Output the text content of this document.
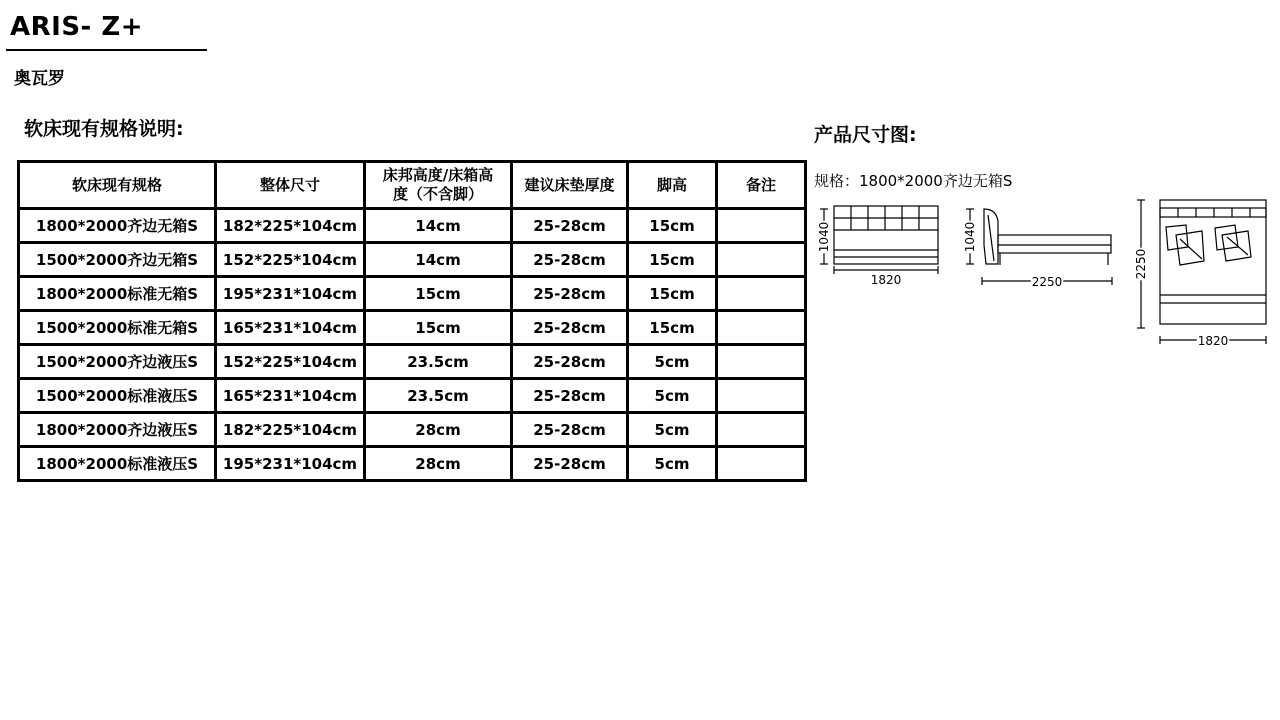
ARIS- Z+
奥瓦罗
软床现有规格说明:
软床现有规格	整体尺寸	床邦高度/床箱高度（不含脚）	建议床垫厚度	脚高	备注
1800*2000齐边无箱S	182*225*104cm	14cm	25-28cm	15cm	
1500*2000齐边无箱S	152*225*104cm	14cm	25-28cm	15cm	
1800*2000标准无箱S	195*231*104cm	15cm	25-28cm	15cm	
1500*2000标准无箱S	165*231*104cm	15cm	25-28cm	15cm	
1500*2000齐边液压S	152*225*104cm	23.5cm	25-28cm	5cm	
1500*2000标准液压S	165*231*104cm	23.5cm	25-28cm	5cm	
1800*2000齐边液压S	182*225*104cm	28cm	25-28cm	5cm	
1800*2000标准液压S	195*231*104cm	28cm	25-28cm	5cm	
产品尺寸图:
规格：1800*2000齐边无箱S
1040
1820
1040
2250
2250
1820
